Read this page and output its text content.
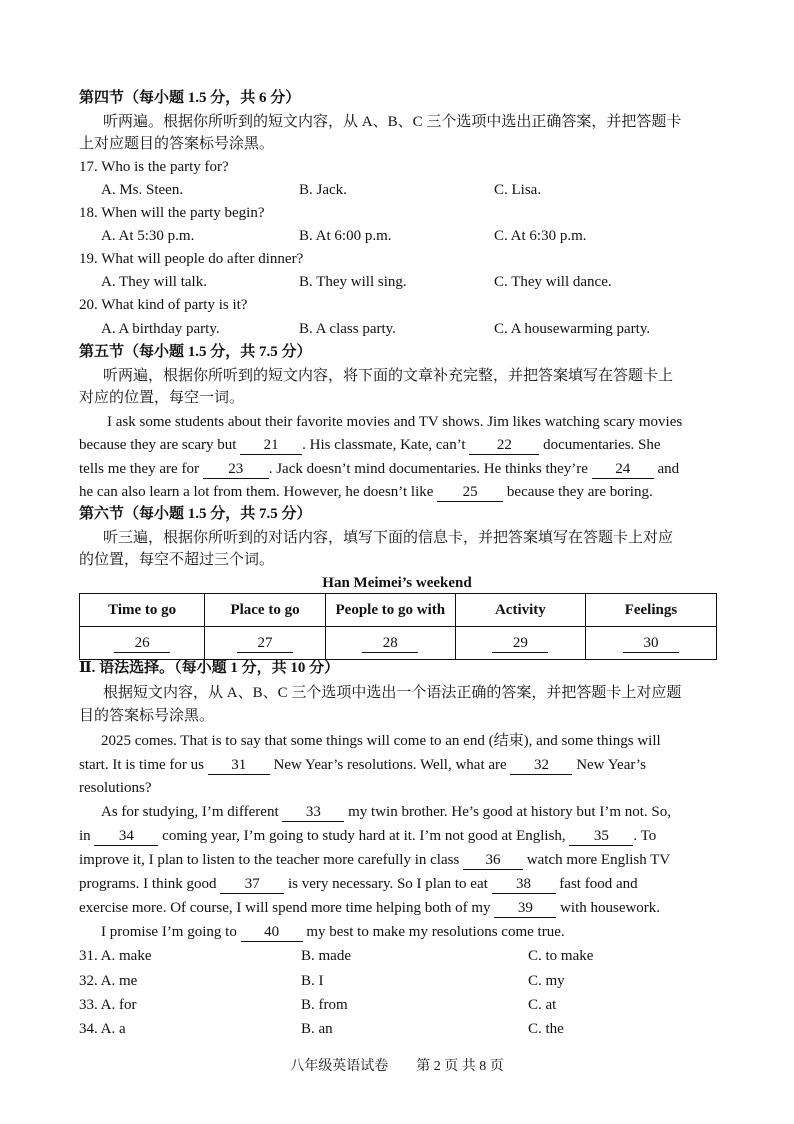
第四节（每小题 1.5 分，共 6 分）
听两遍。根据你所听到的短文内容，从 A、B、C 三个选项中选出正确答案，并把答题卡
上对应题目的答案标号涂黑。
17. Who is the party for?
A. Ms. Steen.	B. Jack.	C. Lisa.
18. When will the party begin?
A. At 5:30 p.m.	B. At 6:00 p.m.	C. At 6:30 p.m.
19. What will people do after dinner?
A. They will talk.	B. They will sing.	C. They will dance.
20. What kind of party is it?
A. A birthday party.	B. A class party.	C. A housewarming party.
第五节（每小题 1.5 分，共 7.5 分）
听两遍，根据你所听到的短文内容，将下面的文章补充完整，并把答案填写在答题卡上
对应的位置，每空一词。
I ask some students about their favorite movies and TV shows. Jim likes watching scary movies
because they are scary but 21 . His classmate, Kate, can’t 22 documentaries. She
tells me they are for 23 . Jack doesn’t mind documentaries. He thinks they’re 24 and
he can also learn a lot from them. However, he doesn’t like 25 because they are boring.
第六节（每小题 1.5 分，共 7.5 分）
听三遍，根据你所听到的对话内容，填写下面的信息卡，并把答案填写在答题卡上对应
的位置，每空不超过三个词。
Han Meimei’s weekend
Time to go	Place to go	People to go with	Activity	Feelings
26	27	28	29	30
Ⅱ. 语法选择。（每小题 1 分，共 10 分）
根据短文内容，从 A、B、C 三个选项中选出一个语法正确的答案，并把答题卡上对应题
目的答案标号涂黑。
2025 comes. That is to say that some things will come to an end (结束), and some things will
start. It is time for us 31 New Year’s resolutions. Well, what are 32 New Year’s
resolutions?
As for studying, I’m different 33 my twin brother. He’s good at history but I’m not. So,
in 34 coming year, I’m going to study hard at it. I’m not good at English, 35 . To
improve it, I plan to listen to the teacher more carefully in class 36 watch more English TV
programs. I think good 37 is very necessary. So I plan to eat 38 fast food and
exercise more. Of course, I will spend more time helping both of my 39 with housework.
I promise I’m going to 40 my best to make my resolutions come true.
31. A. make	B. made	C. to make
32. A. me	B. I	C. my
33. A. for	B. from	C. at
34. A. a	B. an	C. the
八年级英语试卷　　第 2 页 共 8 页
